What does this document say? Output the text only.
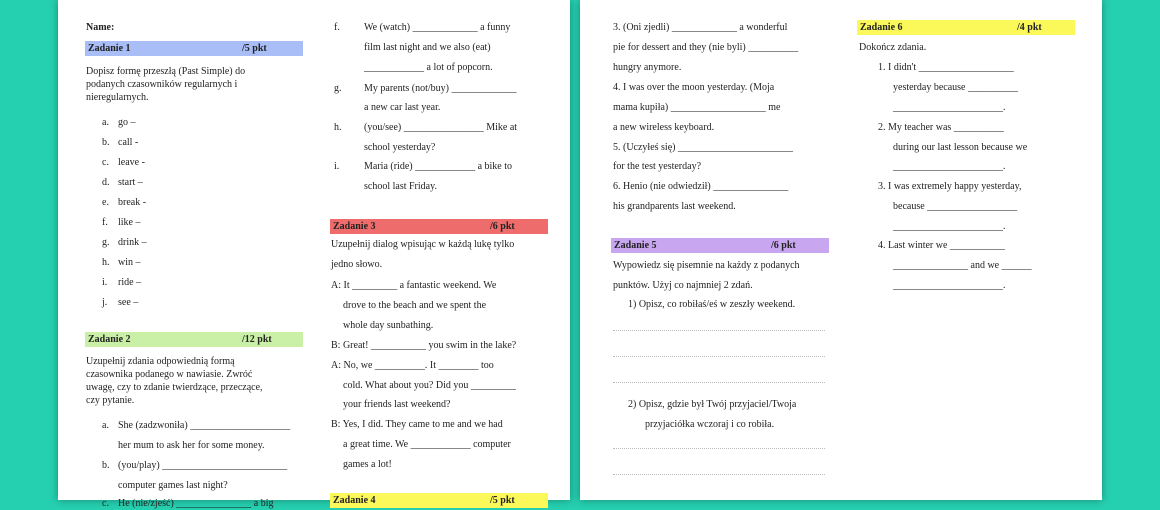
Name:
Zadanie 1	/5 pkt
Dopisz formę przeszłą (Past Simple) do
podanych czasowników regularnych i
nieregularnych.
a. go –
b. call -
c. leave -
d. start –
e. break -
f. like –
g. drink –
h. win –
i. ride –
j. see –
Zadanie 2	/12 pkt
Uzupełnij zdania odpowiednią formą
czasownika podanego w nawiasie. Zwróć
uwagę, czy to zdanie twierdzące, przeczące,
czy pytanie.
a. She (zadzwoniła) ____________________
her mum to ask her for some money.
b. (you/play) _________________________
computer games last night?
c. He (nie/zjeść) _______________ a big
f. We (watch) _____________ a funny
film last night and we also (eat)
____________ a lot of popcorn.
g. My parents (not/buy) _____________
a new car last year.
h. (you/see) ________________ Mike at
school yesterday?
i. Maria (ride) ____________ a bike to
school last Friday.
Zadanie 3	/6 pkt
Uzupełnij dialog wpisując w każdą lukę tylko
jedno słowo.
A: It _________ a fantastic weekend. We
drove to the beach and we spent the
whole day sunbathing.
B: Great! ___________ you swim in the lake?
A: No, we __________. It ________ too
cold. What about you? Did you _________
your friends last weekend?
B: Yes, I did. They came to me and we had
a great time. We ____________ computer
games a lot!
Zadanie 4	/5 pkt
3. (Oni zjedli) _____________ a wonderful
pie for dessert and they (nie byli) __________
hungry anymore.
4. I was over the moon yesterday. (Moja
mama kupiła) ___________________ me
a new wireless keyboard.
5. (Uczyłeś się) _______________________
for the test yesterday?
6. Henio (nie odwiedził) _______________
his grandparents last weekend.
Zadanie 5	/6 pkt
Wypowiedz się pisemnie na każdy z podanych
punktów. Użyj co najmniej 2 zdań.
1) Opisz, co robiłaś/eś w zeszły weekend.
2) Opisz, gdzie był Twój przyjaciel/Twoja
przyjaciółka wczoraj i co robiła.
Zadanie 6	/4 pkt
Dokończ zdania.
1. I didn't ___________________
yesterday because __________
______________________.
2. My teacher was __________
during our last lesson because we
______________________.
3. I was extremely happy yesterday,
because __________________
______________________.
4. Last winter we ___________
_______________ and we ______
______________________.
